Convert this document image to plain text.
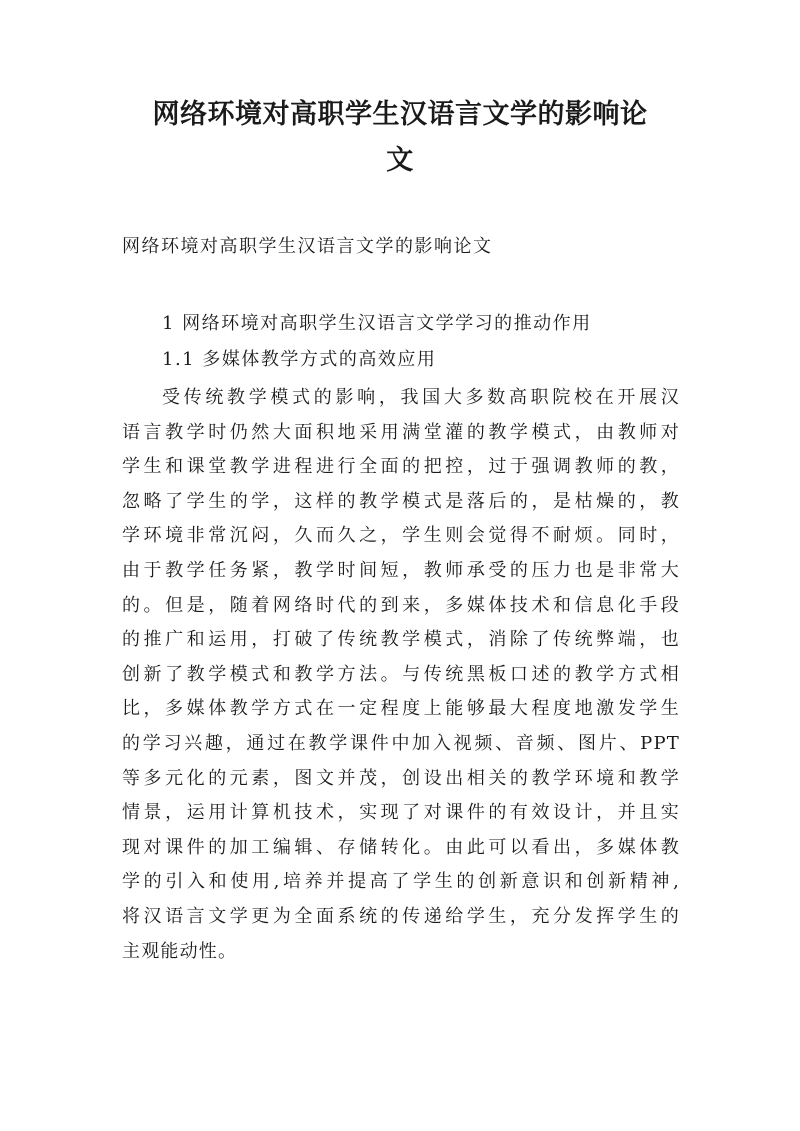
网络环境对高职学生汉语言文学的影响论
文
网络环境对高职学生汉语言文学的影响论文
1 网络环境对高职学生汉语言文学学习的推动作用
1.1 多媒体教学方式的高效应用
受传统教学模式的影响，我国大多数高职院校在开展汉
语言教学时仍然大面积地采用满堂灌的教学模式，由教师对
学生和课堂教学进程进行全面的把控，过于强调教师的教，
忽略了学生的学，这样的教学模式是落后的，是枯燥的，教
学环境非常沉闷，久而久之，学生则会觉得不耐烦。同时，
由于教学任务紧，教学时间短，教师承受的压力也是非常大
的。但是，随着网络时代的到来，多媒体技术和信息化手段
的推广和运用，打破了传统教学模式，消除了传统弊端，也
创新了教学模式和教学方法。与传统黑板口述的教学方式相
比，多媒体教学方式在一定程度上能够最大程度地激发学生
的学习兴趣，通过在教学课件中加入视频、音频、图片、PPT
等多元化的元素，图文并茂，创设出相关的教学环境和教学
情景，运用计算机技术，实现了对课件的有效设计，并且实
现对课件的加工编辑、存储转化。由此可以看出，多媒体教
学的引入和使用,培养并提高了学生的创新意识和创新精神,
将汉语言文学更为全面系统的传递给学生，充分发挥学生的
主观能动性。
